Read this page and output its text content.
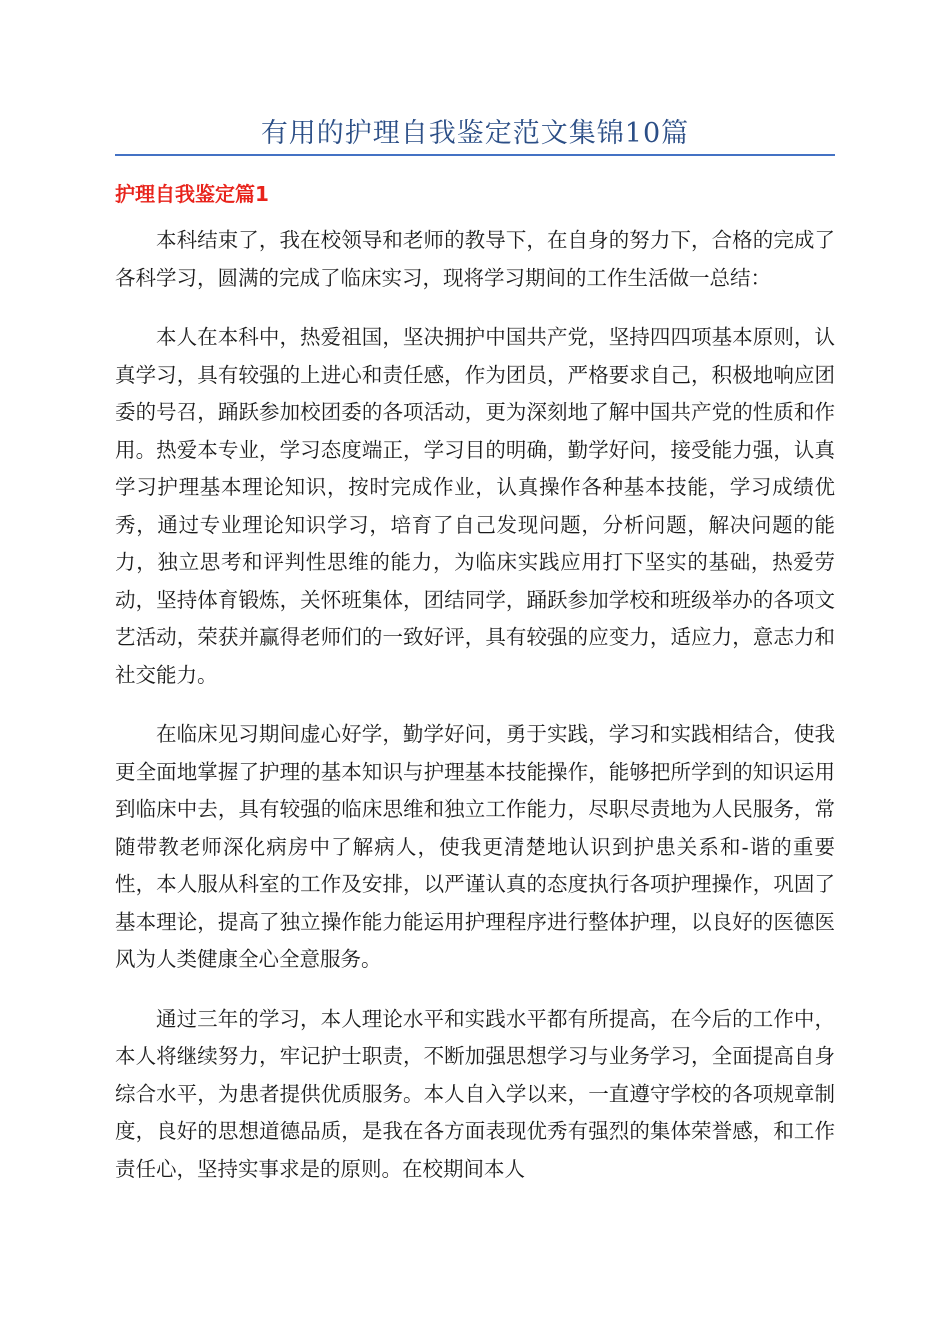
有用的护理自我鉴定范文集锦10篇
护理自我鉴定篇1

本科结束了，我在校领导和老师的教导下，在自身的努力下，合格的完成了各科学习，圆满的完成了临床实习，现将学习期间的工作生活做一总结：

本人在本科中，热爱祖国，坚决拥护中国共产党，坚持四四项基本原则，认真学习，具有较强的上进心和责任感，作为团员，严格要求自己，积极地响应团委的号召，踊跃参加校团委的各项活动，更为深刻地了解中国共产党的性质和作用。热爱本专业，学习态度端正，学习目的明确，勤学好问，接受能力强，认真学习护理基本理论知识，按时完成作业，认真操作各种基本技能，学习成绩优秀，通过专业理论知识学习，培育了自己发现问题，分析问题，解决问题的能力，独立思考和评判性思维的能力，为临床实践应用打下坚实的基础，热爱劳动，坚持体育锻炼，关怀班集体，团结同学，踊跃参加学校和班级举办的各项文艺活动，荣获并赢得老师们的一致好评，具有较强的应变力，适应力，意志力和社交能力。

在临床见习期间虚心好学，勤学好问，勇于实践，学习和实践相结合，使我更全面地掌握了护理的基本知识与护理基本技能操作，能够把所学到的知识运用到临床中去，具有较强的临床思维和独立工作能力，尽职尽责地为人民服务，常随带教老师深化病房中了解病人，使我更清楚地认识到护患关系和-谐的重要性，本人服从科室的工作及安排，以严谨认真的态度执行各项护理操作，巩固了基本理论，提高了独立操作能力能运用护理程序进行整体护理，以良好的医德医风为人类健康全心全意服务。

通过三年的学习，本人理论水平和实践水平都有所提高，在今后的工作中，本人将继续努力，牢记护士职责，不断加强思想学习与业务学习，全面提高自身综合水平，为患者提供优质服务。本人自入学以来，一直遵守学校的各项规章制度，良好的思想道德品质，是我在各方面表现优秀有强烈的集体荣誉感，和工作责任心，坚持实事求是的原则。在校期间本人
